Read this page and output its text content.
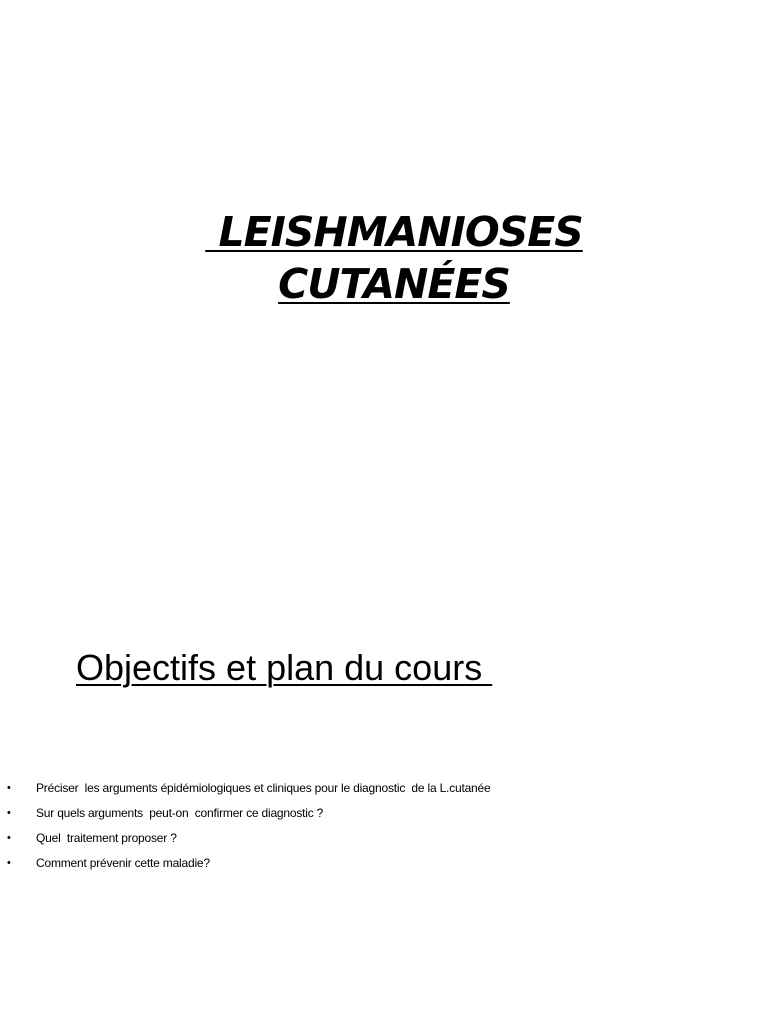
LEISHMANIOSES
CUTANÉES
Objectifs et plan du cours
• Préciser  les arguments épidémiologiques et cliniques pour le diagnostic  de la L.cutanée
• Sur quels arguments  peut-on  confirmer ce diagnostic ?
• Quel  traitement proposer ?
• Comment prévenir cette maladie?
